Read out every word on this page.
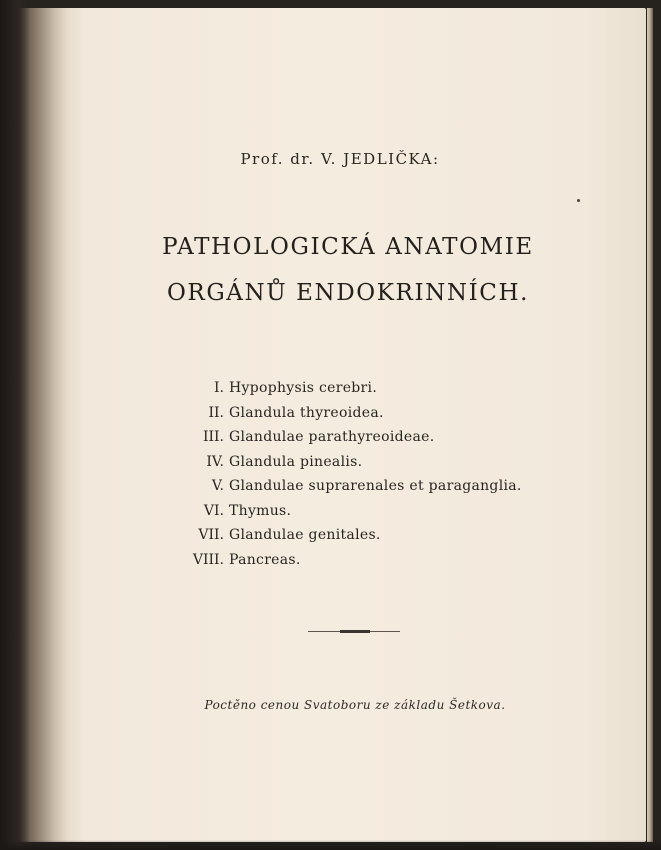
Prof. dr. V. JEDLIČKA:
PATHOLOGICKÁ ANATOMIE
ORGÁNŮ ENDOKRINNÍCH.
I. Hypophysis cerebri.
II. Glandula thyreoidea.
III. Glandulae parathyreoideae.
IV. Glandula pinealis.
V. Glandulae suprarenales et paraganglia.
VI. Thymus.
VII. Glandulae genitales.
VIII. Pancreas.
Poctěno cenou Svatoboru ze základu Šetkova.
